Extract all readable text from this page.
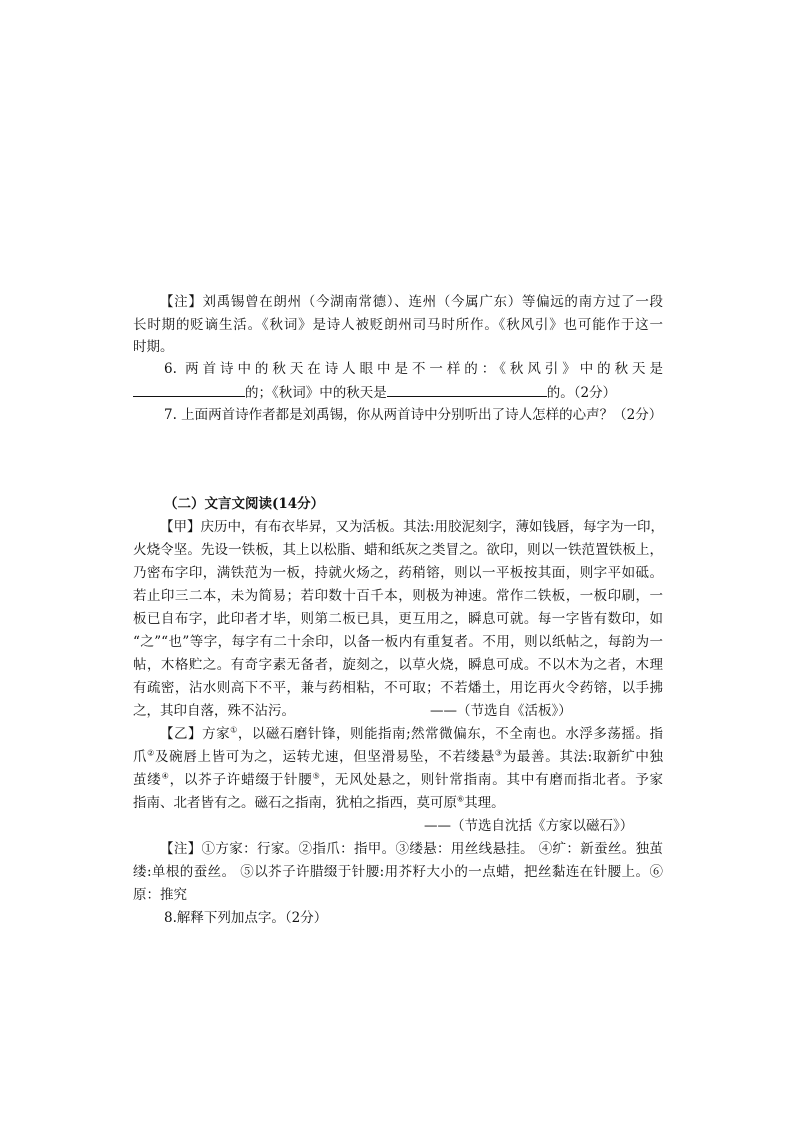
【注】刘禹锡曾在朗州（今湖南常德）、连州（今属广东）等偏远的南方过了一段
长时期的贬谪生活。《秋词》是诗人被贬朗州司马时所作。《秋风引》也可能作于这一
时期。
6. 两首诗中的秋天在诗人眼中是不一样的：《秋风引》中的秋天是
的；《秋词》中的秋天是	的。（2分）
7. 上面两首诗作者都是刘禹锡，你从两首诗中分别听出了诗人怎样的心声？（2分）
（二）文言文阅读(14分）
【甲】庆历中，有布衣毕昇，又为活板。其法:用胶泥刻字，薄如钱唇，每字为一印，
火烧令坚。先设一铁板，其上以松脂、蜡和纸灰之类冒之。欲印，则以一铁范置铁板上，
乃密布字印，满铁范为一板，持就火炀之，药稍镕，则以一平板按其面，则字平如砥。
若止印三二本，未为简易；若印数十百千本，则极为神速。常作二铁板，一板印刷，一
板已自布字，此印者才毕，则第二板已具，更互用之，瞬息可就。每一字皆有数印，如
“之”“也”等字，每字有二十余印，以备一板内有重复者。不用，则以纸帖之，每韵为一
帖，木格贮之。有奇字素无备者，旋刻之，以草火烧，瞬息可成。不以木为之者，木理
有疏密，沾水则高下不平，兼与药相粘，不可取；不若燔土，用讫再火令药镕，以手拂
之，其印自落，殊不沾污。	——（节选自《活板》）
【乙】方家①，以磁石磨针锋，则能指南;然常微偏东，不全南也。水浮多荡摇。指
爪②及碗唇上皆可为之，运转尤速，但坚滑易坠，不若缕悬③为最善。其法:取新纩中独
茧缕④，以芥子许蜡缀于针腰⑤，无风处悬之，则针常指南。其中有磨而指北者。予家
指南、北者皆有之。磁石之指南，犹柏之指西，莫可原⑥其理。
——（节选自沈括《方家以磁石》）
【注】①方家：行家。②指爪：指甲。③缕悬：用丝线悬挂。 ④纩：新蚕丝。独茧
缕:单根的蚕丝。 ⑤以芥子许腊缀于针腰:用芥籽大小的一点蜡，把丝黏连在针腰上。⑥
原：推究
8.解释下列加点字。（2分）
